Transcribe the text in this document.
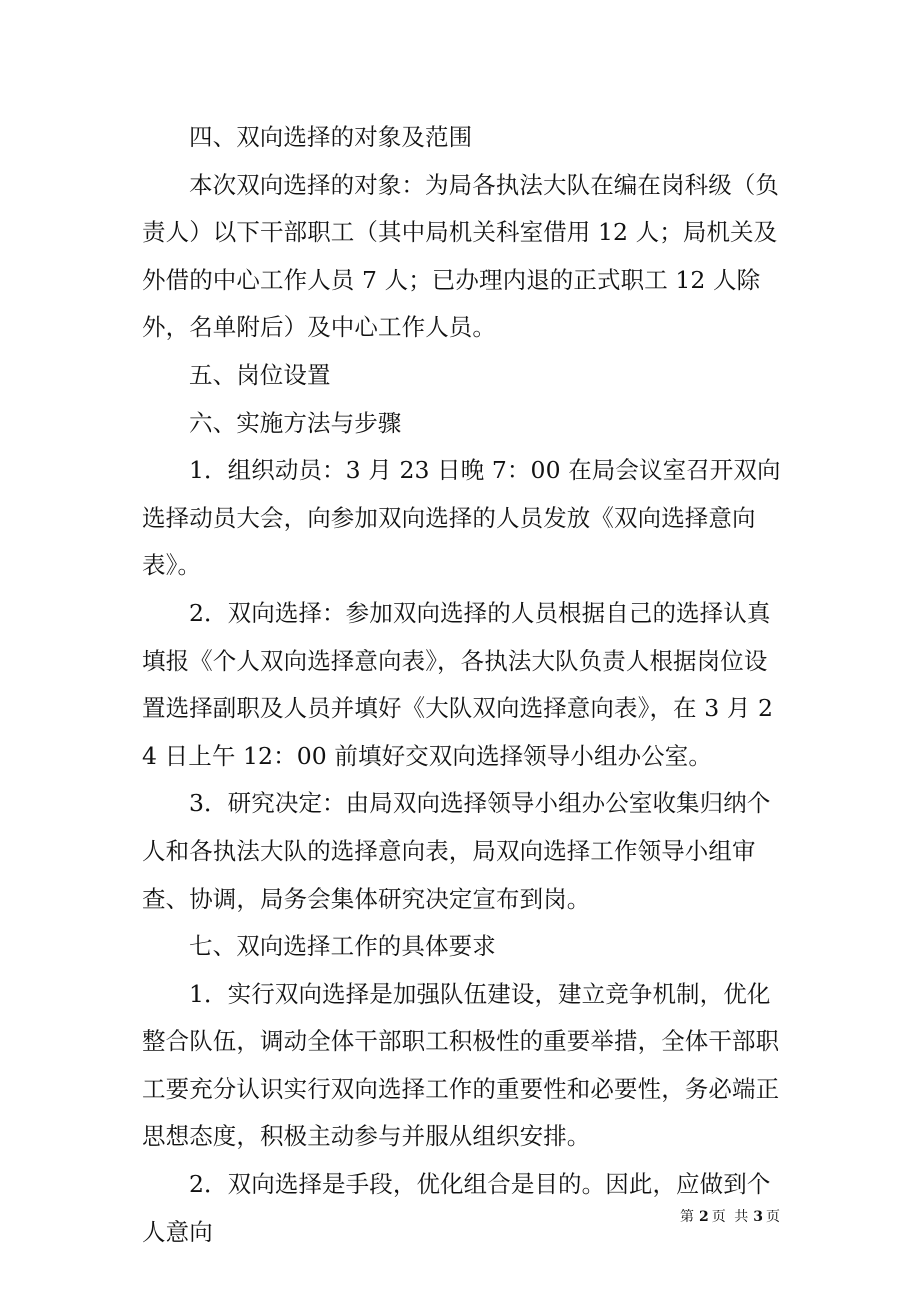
四、双向选择的对象及范围

本次双向选择的对象：为局各执法大队在编在岗科级（负责人）以下干部职工（其中局机关科室借用 12 人；局机关及外借的中心工作人员 7 人；已办理内退的正式职工 12 人除外，名单附后）及中心工作人员。

五、岗位设置

六、实施方法与步骤

1．组织动员：3 月 23 日晚 7：00 在局会议室召开双向选择动员大会，向参加双向选择的人员发放《双向选择意向表》。

2．双向选择：参加双向选择的人员根据自己的选择认真填报《个人双向选择意向表》，各执法大队负责人根据岗位设置选择副职及人员并填好《大队双向选择意向表》，在 3 月 24 日上午 12：00 前填好交双向选择领导小组办公室。

3．研究决定：由局双向选择领导小组办公室收集归纳个人和各执法大队的选择意向表，局双向选择工作领导小组审查、协调，局务会集体研究决定宣布到岗。

七、双向选择工作的具体要求

1．实行双向选择是加强队伍建设，建立竞争机制，优化整合队伍，调动全体干部职工积极性的重要举措，全体干部职工要充分认识实行双向选择工作的重要性和必要性，务必端正思想态度，积极主动参与并服从组织安排。

2．双向选择是手段，优化组合是目的。因此，应做到个人意向

第 2 页 共 3 页
